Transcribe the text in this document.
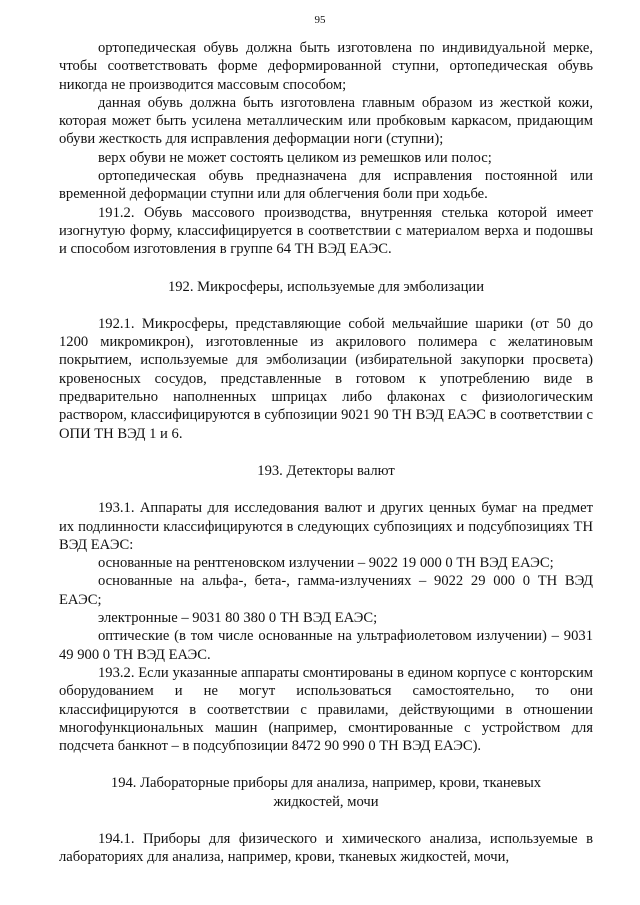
95

ортопедическая обувь должна быть изготовлена по индивидуальной мерке, чтобы соответствовать форме деформированной ступни, ортопедическая обувь никогда не производится массовым способом;

данная обувь должна быть изготовлена главным образом из жесткой кожи, которая может быть усилена металлическим или пробковым каркасом, придающим обуви жесткость для исправления деформации ноги (ступни);

верх обуви не может состоять целиком из ремешков или полос;

ортопедическая обувь предназначена для исправления постоянной или временной деформации ступни или для облегчения боли при ходьбе.

191.2. Обувь массового производства, внутренняя стелька которой имеет изогнутую форму, классифицируется в соответствии с материалом верха и подошвы и способом изготовления в группе 64 ТН ВЭД ЕАЭС.

192. Микросферы, используемые для эмболизации

192.1. Микросферы, представляющие собой мельчайшие шарики (от 50 до 1200 микромикрон), изготовленные из акрилового полимера с желатиновым покрытием, используемые для эмболизации (избирательной закупорки просвета) кровеносных сосудов, представленные в готовом к употреблению виде в предварительно наполненных шприцах либо флаконах с физиологическим раствором, классифицируются в субпозиции 9021 90 ТН ВЭД ЕАЭС в соответствии с ОПИ ТН ВЭД 1 и 6.

193. Детекторы валют

193.1. Аппараты для исследования валют и других ценных бумаг на предмет их подлинности классифицируются в следующих субпозициях и подсубпозициях ТН ВЭД ЕАЭС:

основанные на рентгеновском излучении – 9022 19 000 0 ТН ВЭД ЕАЭС;

основанные на альфа-, бета-, гамма-излучениях – 9022 29 000 0 ТН ВЭД ЕАЭС;

электронные – 9031 80 380 0 ТН ВЭД ЕАЭС;

оптические (в том числе основанные на ультрафиолетовом излучении) – 9031 49 900 0 ТН ВЭД ЕАЭС.

193.2. Если указанные аппараты смонтированы в едином корпусе с конторским оборудованием и не могут использоваться самостоятельно, то они классифицируются в соответствии с правилами, действующими в отношении многофункциональных машин (например, смонтированные с устройством для подсчета банкнот – в подсубпозиции 8472 90 990 0 ТН ВЭД ЕАЭС).

194. Лабораторные приборы для анализа, например, крови, тканевых
жидкостей, мочи

194.1. Приборы для физического и химического анализа, используемые в лабораториях для анализа, например, крови, тканевых жидкостей, мочи,
